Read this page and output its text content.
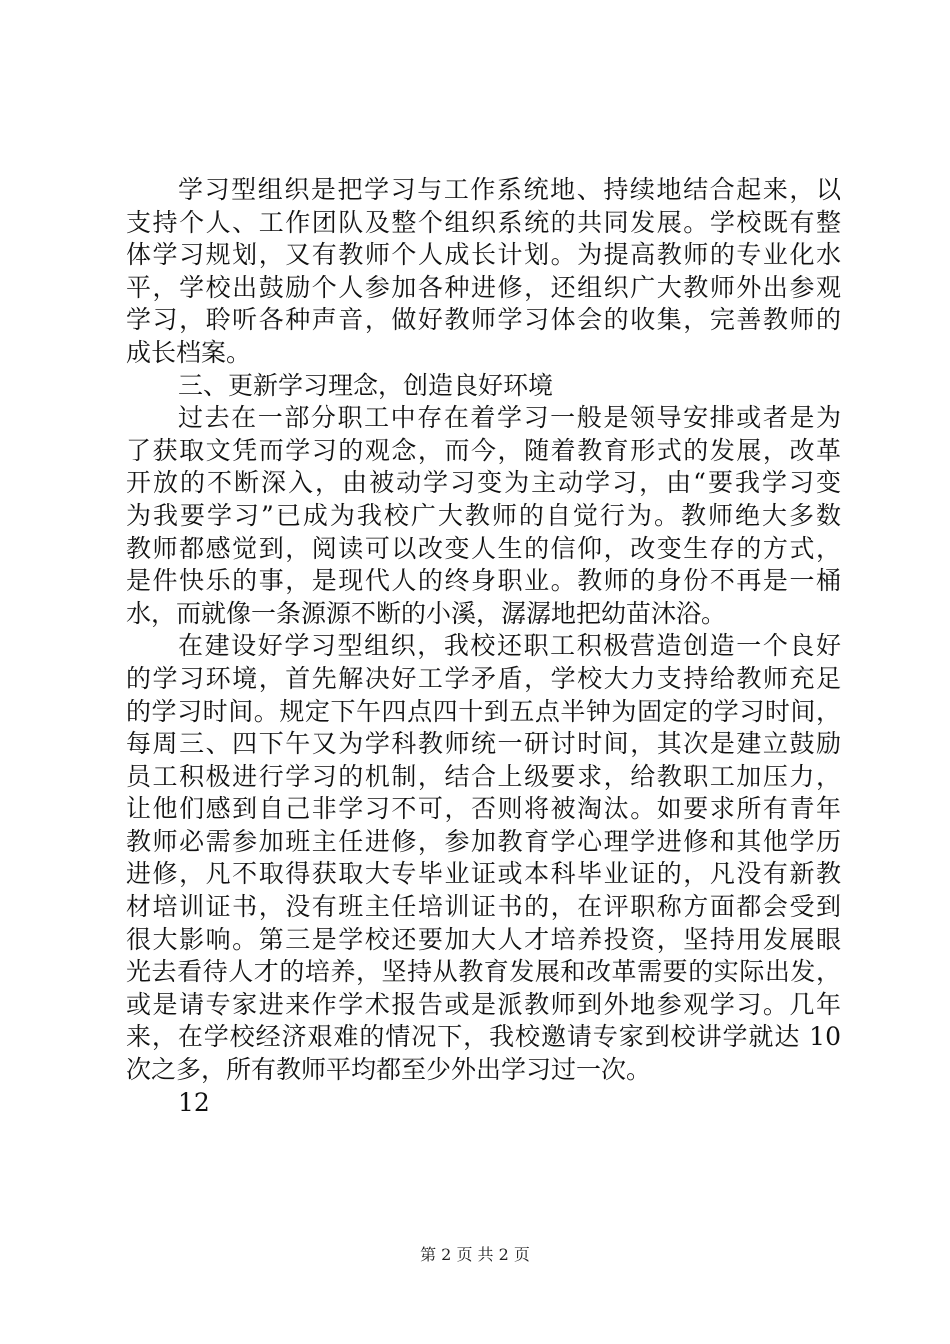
学习型组织是把学习与工作系统地、持续地结合起来，以
支持个人、工作团队及整个组织系统的共同发展。学校既有整
体学习规划，又有教师个人成长计划。为提高教师的专业化水
平，学校出鼓励个人参加各种进修，还组织广大教师外出参观
学习，聆听各种声音，做好教师学习体会的收集，完善教师的
成长档案。
三、更新学习理念，创造良好环境
过去在一部分职工中存在着学习一般是领导安排或者是为
了获取文凭而学习的观念，而今，随着教育形式的发展，改革
开放的不断深入，由被动学习变为主动学习，由“要我学习变
为我要学习”已成为我校广大教师的自觉行为。教师绝大多数
教师都感觉到，阅读可以改变人生的信仰，改变生存的方式，
是件快乐的事，是现代人的终身职业。教师的身份不再是一桶
水，而就像一条源源不断的小溪，潺潺地把幼苗沐浴。
在建设好学习型组织，我校还职工积极营造创造一个良好
的学习环境，首先解决好工学矛盾，学校大力支持给教师充足
的学习时间。规定下午四点四十到五点半钟为固定的学习时间，
每周三、四下午又为学科教师统一研讨时间，其次是建立鼓励
员工积极进行学习的机制，结合上级要求，给教职工加压力，
让他们感到自己非学习不可，否则将被淘汰。如要求所有青年
教师必需参加班主任进修，参加教育学心理学进修和其他学历
进修，凡不取得获取大专毕业证或本科毕业证的，凡没有新教
材培训证书，没有班主任培训证书的，在评职称方面都会受到
很大影响。第三是学校还要加大人才培养投资，坚持用发展眼
光去看待人才的培养，坚持从教育发展和改革需要的实际出发，
或是请专家进来作学术报告或是派教师到外地参观学习。几年
来，在学校经济艰难的情况下，我校邀请专家到校讲学就达 10
次之多，所有教师平均都至少外出学习过一次。
12
第 2 页 共 2 页
